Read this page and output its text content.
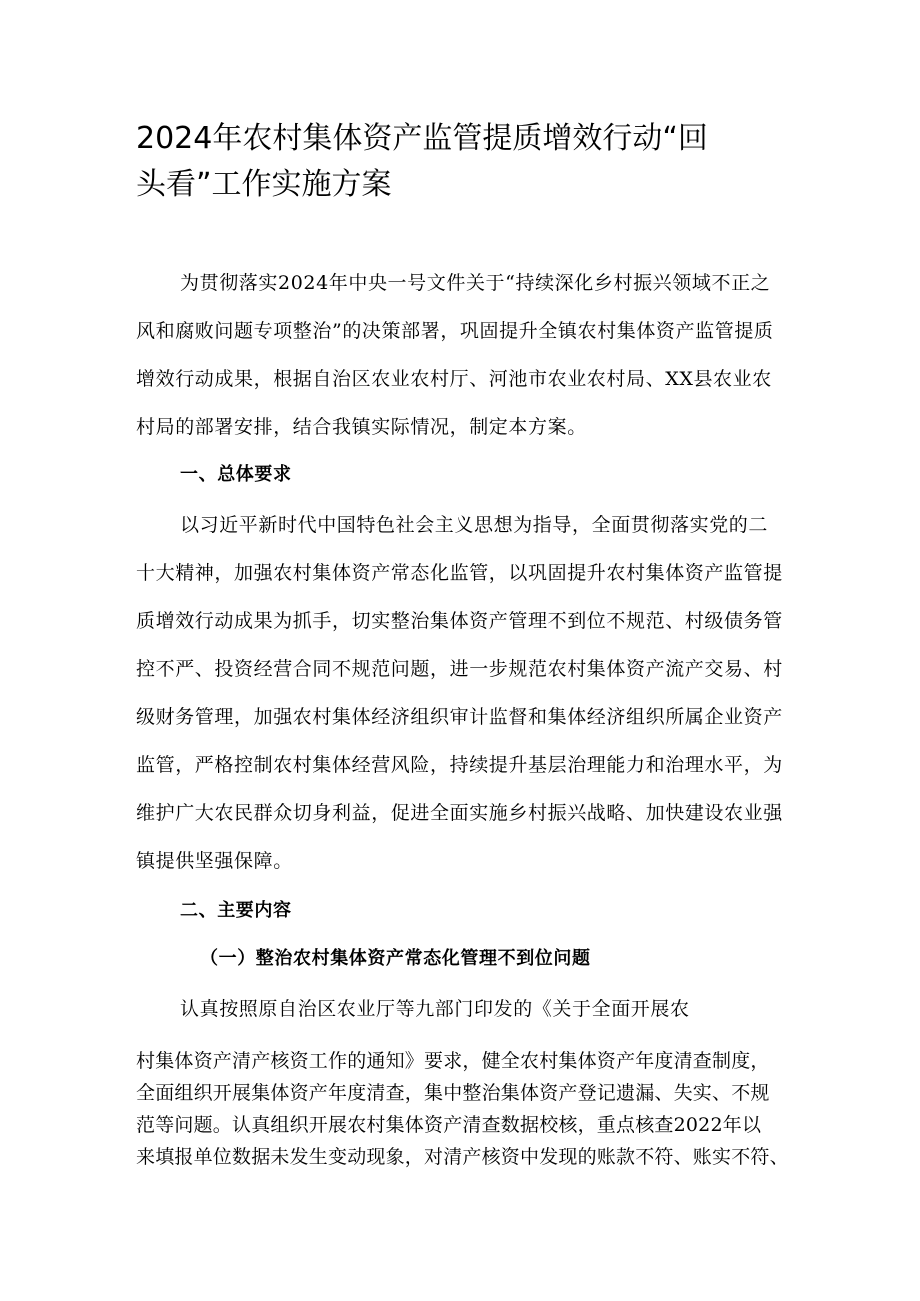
2024年农村集体资产监管提质增效行动“回
头看”工作实施方案
为贯彻落实2024年中央一号文件关于“持续深化乡村振兴领域不正之
风和腐败问题专项整治”的决策部署，巩固提升全镇农村集体资产监管提质
增效行动成果，根据自治区农业农村厅、河池市农业农村局、XX县农业农
村局的部署安排，结合我镇实际情况，制定本方案。
一、总体要求
以习近平新时代中国特色社会主义思想为指导，全面贯彻落实党的二
十大精神，加强农村集体资产常态化监管，以巩固提升农村集体资产监管提
质增效行动成果为抓手，切实整治集体资产管理不到位不规范、村级债务管
控不严、投资经营合同不规范问题，进一步规范农村集体资产流产交易、村
级财务管理，加强农村集体经济组织审计监督和集体经济组织所属企业资产
监管，严格控制农村集体经营风险，持续提升基层治理能力和治理水平，为
维护广大农民群众切身利益，促进全面实施乡村振兴战略、加快建设农业强
镇提供坚强保障。
二、主要内容
（一）整治农村集体资产常态化管理不到位问题
认真按照原自治区农业厅等九部门印发的《关于全面开展农
村集体资产清产核资工作的通知》要求，健全农村集体资产年度清查制度，
全面组织开展集体资产年度清查，集中整治集体资产登记遗漏、失实、不规
范等问题。认真组织开展农村集体资产清查数据校核，重点核查2022年以
来填报单位数据未发生变动现象，对清产核资中发现的账款不符、账实不符、
